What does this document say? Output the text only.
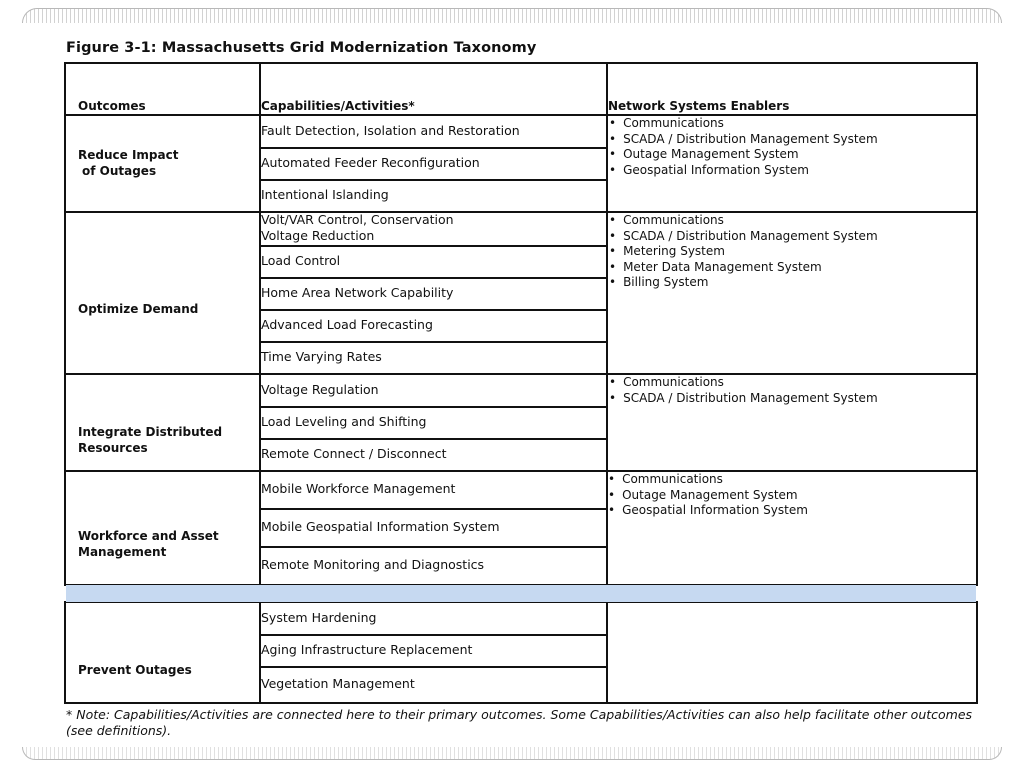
Figure 3-1: Massachusetts Grid Modernization Taxonomy
Outcomes	Capabilities/Activities*	Network Systems Enablers
Reduce Impact
of Outages
Fault Detection, Isolation and Restoration
Automated Feeder Reconfiguration
Intentional Islanding
• Communications
• SCADA / Distribution Management System
• Outage Management System
• Geospatial Information System
Optimize Demand
Volt/VAR Control, Conservation
Voltage Reduction
Load Control
Home Area Network Capability
Advanced Load Forecasting
Time Varying Rates
• Communications
• SCADA / Distribution Management System
• Metering System
• Meter Data Management System
• Billing System
Integrate Distributed
Resources
Voltage Regulation
Load Leveling and Shifting
Remote Connect / Disconnect
• Communications
• SCADA / Distribution Management System
Workforce and Asset
Management
Mobile Workforce Management
Mobile Geospatial Information System
Remote Monitoring and Diagnostics
• Communications
• Outage Management System
• Geospatial Information System
Prevent Outages
System Hardening
Aging Infrastructure Replacement
Vegetation Management
* Note: Capabilities/Activities are connected here to their primary outcomes. Some Capabilities/Activities can also help facilitate other outcomes (see definitions).
